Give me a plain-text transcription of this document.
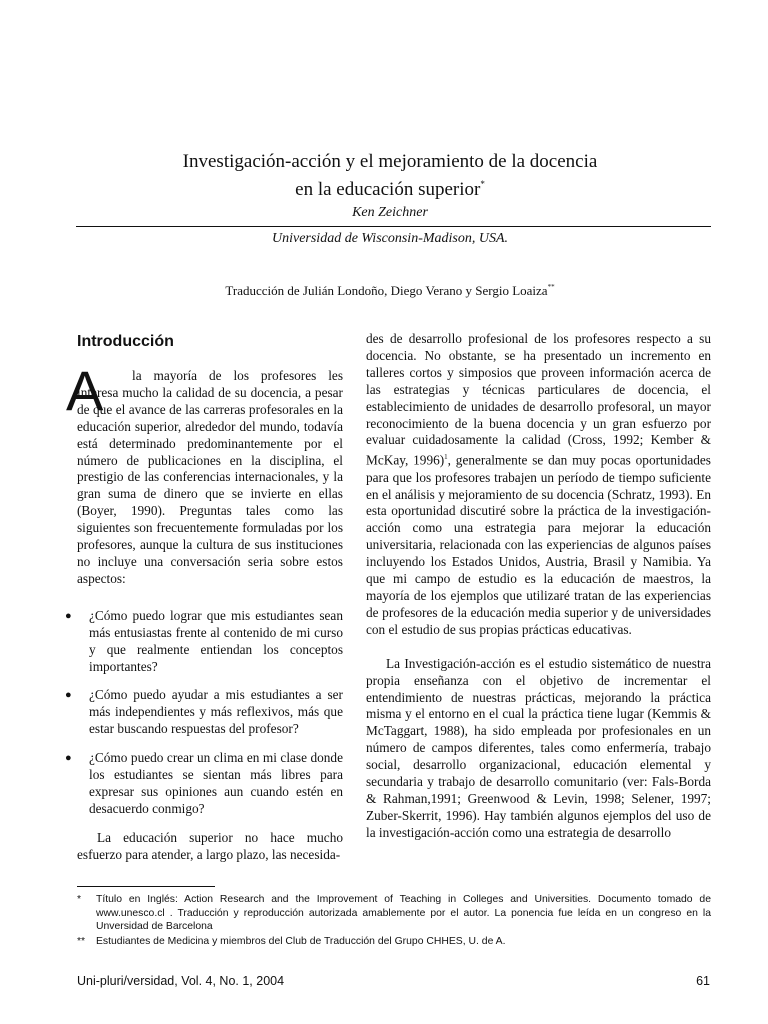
Investigación-acción y el mejoramiento de la docencia
en la educación superior*
Ken Zeichner
Universidad de Wisconsin-Madison, USA.
Traducción de Julián Londoño, Diego Verano y Sergio Loaiza**
Introducción
A	la mayoría de los profesores les interesa mucho la calidad de su docencia, a pesar de que el avance de las carreras profesorales en la educación superior, alrededor del mundo, todavía está determinado predominantemente por el número de publicaciones en la disciplina, el prestigio de las conferencias internacionales, y la gran suma de dinero que se invierte en ellas (Boyer, 1990). Preguntas tales como las siguientes son frecuentemente formuladas por los profesores, aunque la cultura de sus instituciones no incluye una conversación seria sobre estos aspectos:

● ¿Cómo puedo lograr que mis estudiantes sean más entusiastas frente al contenido de mi curso y que realmente entiendan los conceptos importantes?
● ¿Cómo puedo ayudar a mis estudiantes a ser más independientes y más reflexivos, más que estar buscando respuestas del profesor?
● ¿Cómo puedo crear un clima en mi clase donde los estudiantes se sientan más libres para expresar sus opiniones aun cuando estén en desacuerdo conmigo?

La educación superior no hace mucho esfuerzo para atender, a largo plazo, las necesida-

des de desarrollo profesional de los profesores respecto a su docencia. No obstante, se ha presentado un incremento en talleres cortos y simposios que proveen información acerca de las estrategias y técnicas particulares de docencia, el establecimiento de unidades de desarrollo profesoral, un mayor reconocimiento de la buena docencia y un gran esfuerzo por evaluar cuidadosamente la calidad (Cross, 1992; Kember & McKay, 1996)$^1$, generalmente se dan muy pocas oportunidades para que los profesores trabajen un período de tiempo suficiente en el análisis y mejoramiento de su docencia (Schratz, 1993). En esta oportunidad discutiré sobre la práctica de la investigación-acción como una estrategia para mejorar la educación universitaria, relacionada con las experiencias de algunos países incluyendo los Estados Unidos, Austria, Brasil y Namibia. Ya que mi campo de estudio es la educación de maestros, la mayoría de los ejemplos que utilizaré tratan de las experiencias de profesores de la educación media superior y de universidades con el estudio de sus propias prácticas educativas.

La Investigación-acción es el estudio sistemático de nuestra propia enseñanza con el objetivo de incrementar el entendimiento de nuestras prácticas, mejorando la práctica misma y el entorno en el cual la práctica tiene lugar (Kemmis & McTaggart, 1988), ha sido empleada por profesionales en un número de campos diferentes, tales como enfermería, trabajo social, desarrollo organizacional, educación elemental y secundaria y trabajo de desarrollo comunitario (ver: Fals-Borda & Rahman,1991; Greenwood & Levin, 1998; Selener, 1997; Zuber-Skerrit, 1996). Hay también algunos ejemplos del uso de la investigación-acción como una estrategia de desarrollo

* Título en Inglés: Action Research and the Improvement of Teaching in Colleges and Universities. Documento tomado de www.unesco.cl . Traducción y reproducción autorizada amablemente por el autor. La ponencia fue leída en un congreso en la Unversidad de Barcelona
** Estudiantes de Medicina y miembros del Club de Traducción del Grupo CHHES, U. de A.
Uni-pluri/versidad, Vol. 4, No. 1, 2004	61
